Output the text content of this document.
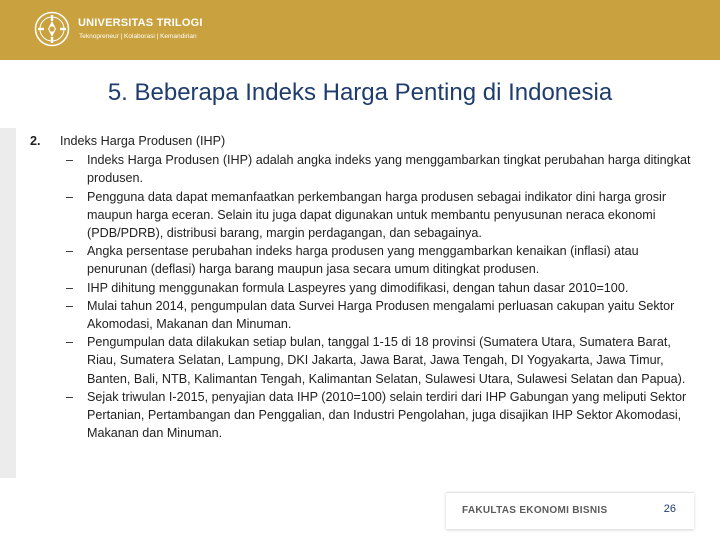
UNIVERSITAS TRILOGI
Teknopreneur | Kolaborasi | Kemandirian
5. Beberapa Indeks Harga Penting di Indonesia
2. Indeks Harga Produsen (IHP)
– Indeks Harga Produsen (IHP) adalah angka indeks yang menggambarkan tingkat perubahan harga ditingkat produsen.
– Pengguna data dapat memanfaatkan perkembangan harga produsen sebagai indikator dini harga grosir maupun harga eceran. Selain itu juga dapat digunakan untuk membantu penyusunan neraca ekonomi (PDB/PDRB), distribusi barang, margin perdagangan, dan sebagainya.
– Angka persentase perubahan indeks harga produsen yang menggambarkan kenaikan (inflasi) atau penurunan (deflasi) harga barang maupun jasa secara umum ditingkat produsen.
– IHP dihitung menggunakan formula Laspeyres yang dimodifikasi, dengan tahun dasar 2010=100.
– Mulai tahun 2014, pengumpulan data Survei Harga Produsen mengalami perluasan cakupan yaitu Sektor Akomodasi, Makanan dan Minuman.
– Pengumpulan data dilakukan setiap bulan, tanggal 1-15 di 18 provinsi (Sumatera Utara, Sumatera Barat, Riau, Sumatera Selatan, Lampung, DKI Jakarta, Jawa Barat, Jawa Tengah, DI Yogyakarta, Jawa Timur, Banten, Bali, NTB, Kalimantan Tengah, Kalimantan Selatan, Sulawesi Utara, Sulawesi Selatan dan Papua).
– Sejak triwulan I-2015, penyajian data IHP (2010=100) selain terdiri dari IHP Gabungan yang meliputi Sektor Pertanian, Pertambangan dan Penggalian, dan Industri Pengolahan, juga disajikan IHP Sektor Akomodasi, Makanan dan Minuman.
FAKULTAS EKONOMI BISNIS	26
